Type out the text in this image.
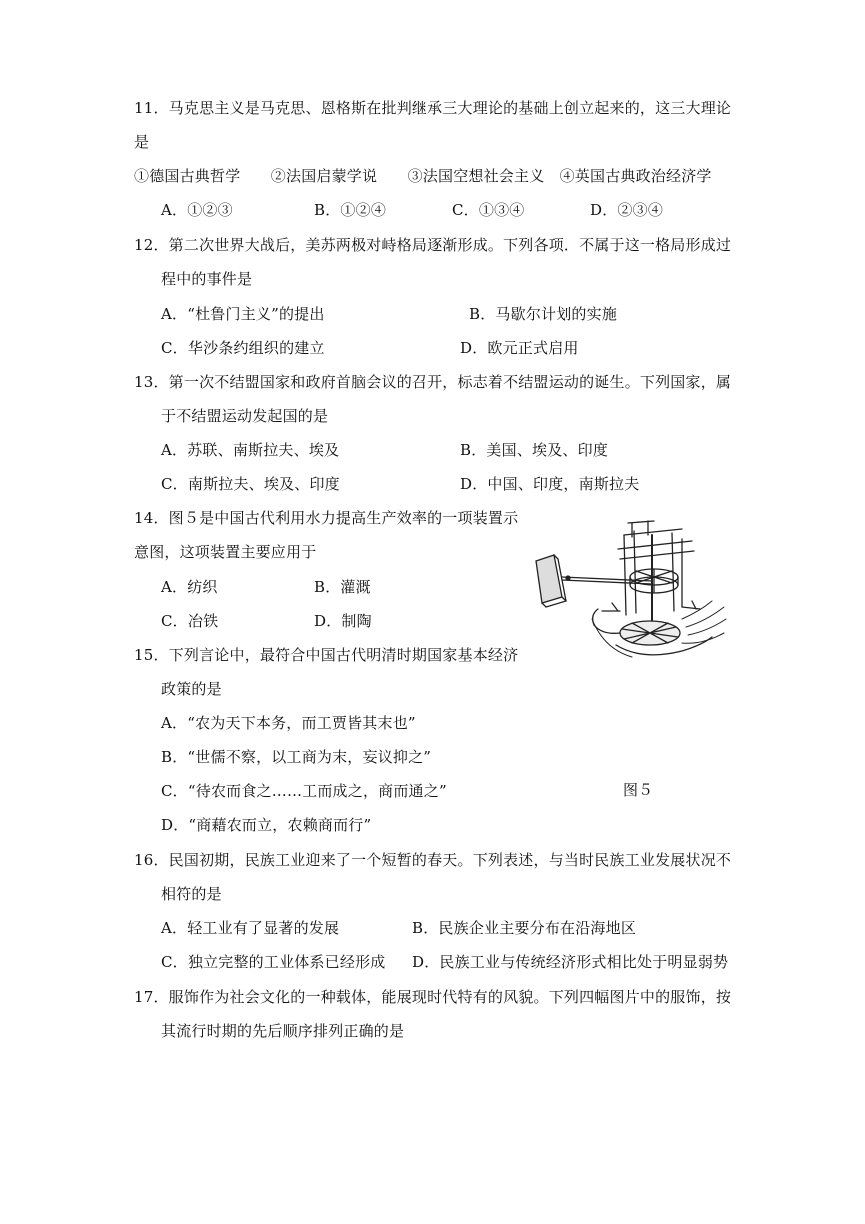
11．马克思主义是马克思、恩格斯在批判继承三大理论的基础上创立起来的，这三大理论
是
①德国古典哲学　　②法国启蒙学说　　③法国空想社会主义　④英国古典政治经济学
A．①②③	B．①②④	C．①③④	D．②③④
12．第二次世界大战后，美苏两极对峙格局逐渐形成。下列各项．不属于这一格局形成过
程中的事件是
A．“杜鲁门主义”的提出	B．马歇尔计划的实施
C．华沙条约组织的建立	D．欧元正式启用
13．第一次不结盟国家和政府首脑会议的召开，标志着不结盟运动的诞生。下列国家，属
于不结盟运动发起国的是
A．苏联、南斯拉夫、埃及	B．美国、埃及、印度
C．南斯拉夫、埃及、印度	D．中国、印度，南斯拉夫
14．图５是中国古代利用水力提高生产效率的一项装置示
意图，这项装置主要应用于
A．纺织	B．灌溉
C．冶铁	D．制陶
15．下列言论中，最符合中国古代明清时期国家基本经济
政策的是
A．“农为天下本务，而工贾皆其末也”
B．“世儒不察，以工商为末，妄议抑之”
C．“待农而食之……工而成之，商而通之”	图５
D．“商藉农而立，农赖商而行”
16．民国初期，民族工业迎来了一个短暂的春天。下列表述，与当时民族工业发展状况不
相符的是
A．轻工业有了显著的发展	B．民族企业主要分布在沿海地区
C．独立完整的工业体系已经形成 D．民族工业与传统经济形式相比处于明显弱势
17．服饰作为社会文化的一种载体，能展现时代特有的风貌。下列四幅图片中的服饰，按
其流行时期的先后顺序排列正确的是
